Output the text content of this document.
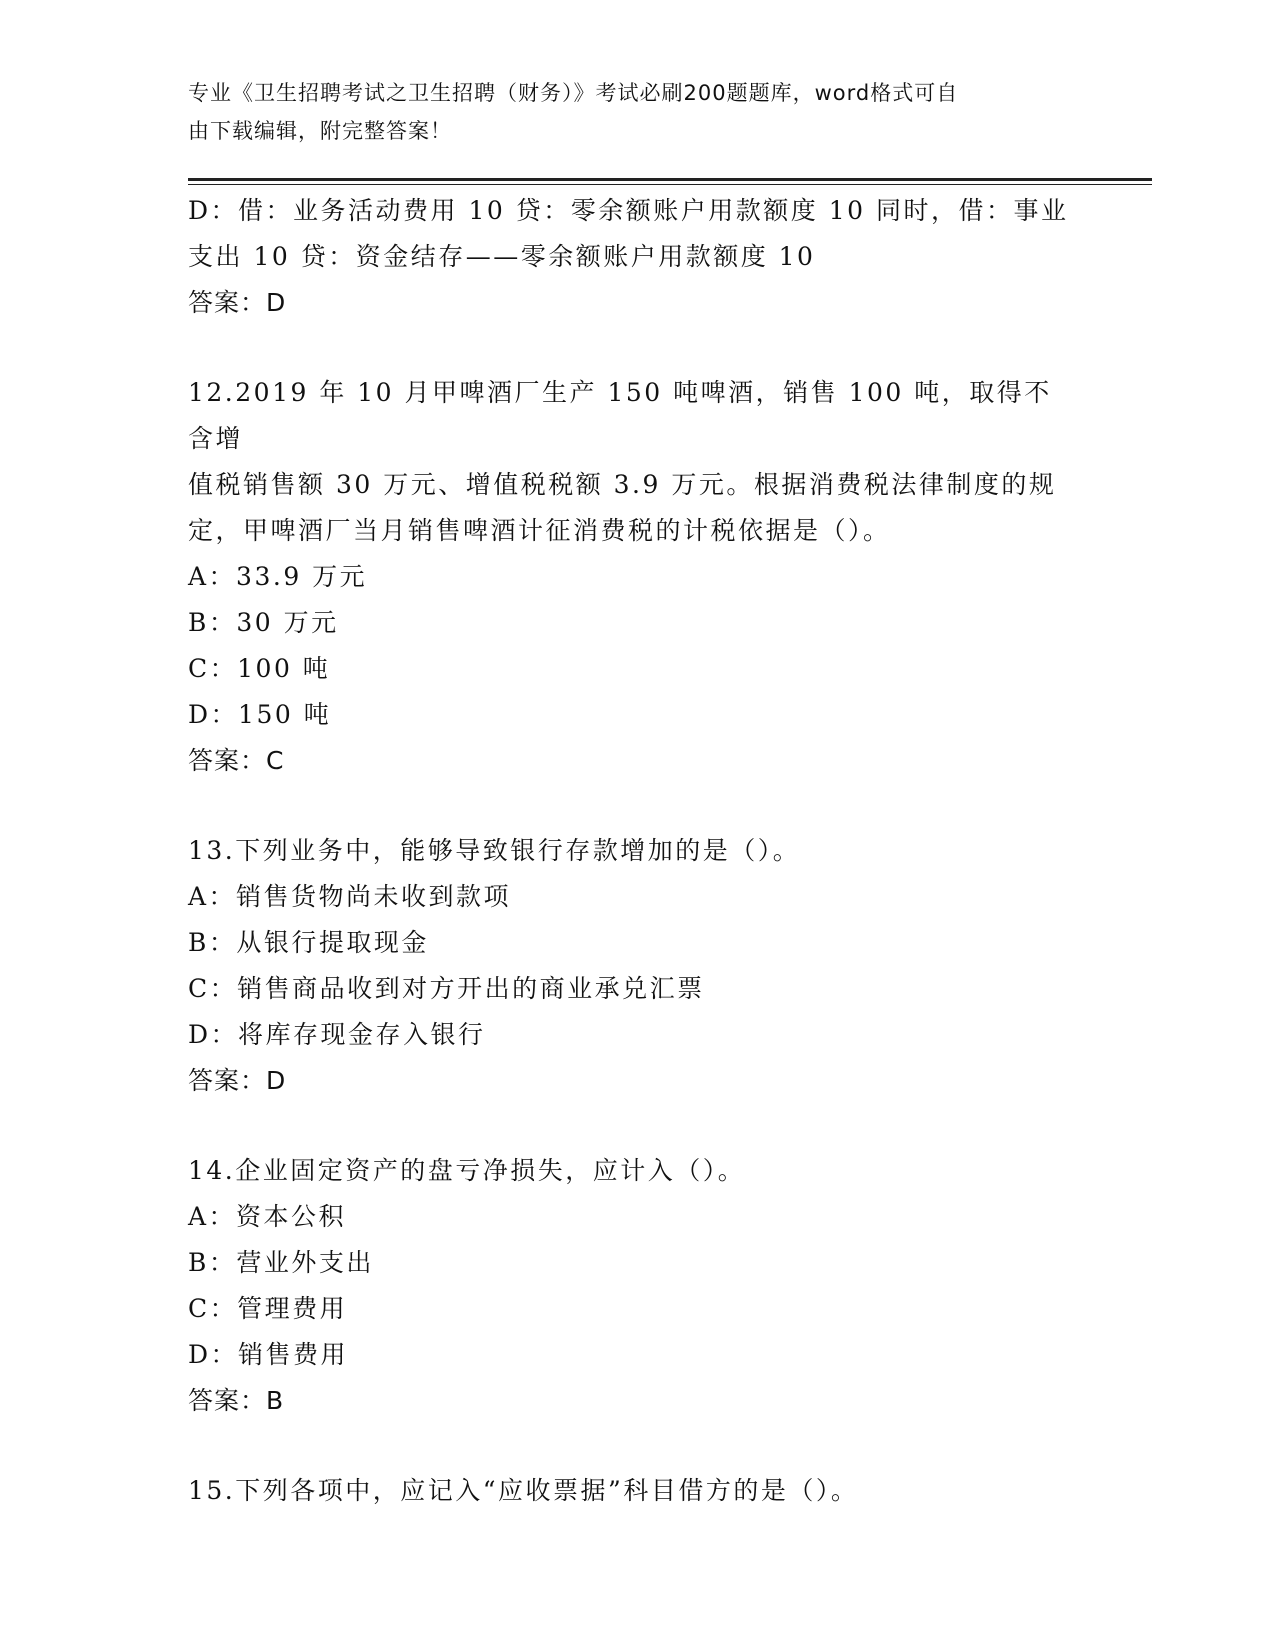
专业《卫生招聘考试之卫生招聘（财务）》考试必刷200题题库，word格式可自
由下载编辑，附完整答案！
D：借：业务活动费用 10 贷：零余额账户用款额度 10 同时，借：事业
支出 10 贷：资金结存——零余额账户用款额度 10
答案：D
12.2019 年 10 月甲啤酒厂生产 150 吨啤酒，销售 100 吨，取得不含增
值税销售额 30 万元、增值税税额 3.9 万元。根据消费税法律制度的规
定，甲啤酒厂当月销售啤酒计征消费税的计税依据是（）。
A：33.9 万元
B：30 万元
C：100 吨
D：150 吨
答案：C
13.下列业务中，能够导致银行存款增加的是（）。
A：销售货物尚未收到款项
B：从银行提取现金
C：销售商品收到对方开出的商业承兑汇票
D：将库存现金存入银行
答案：D
14.企业固定资产的盘亏净损失，应计入（）。
A：资本公积
B：营业外支出
C：管理费用
D：销售费用
答案：B
15.下列各项中，应记入“应收票据”科目借方的是（）。
